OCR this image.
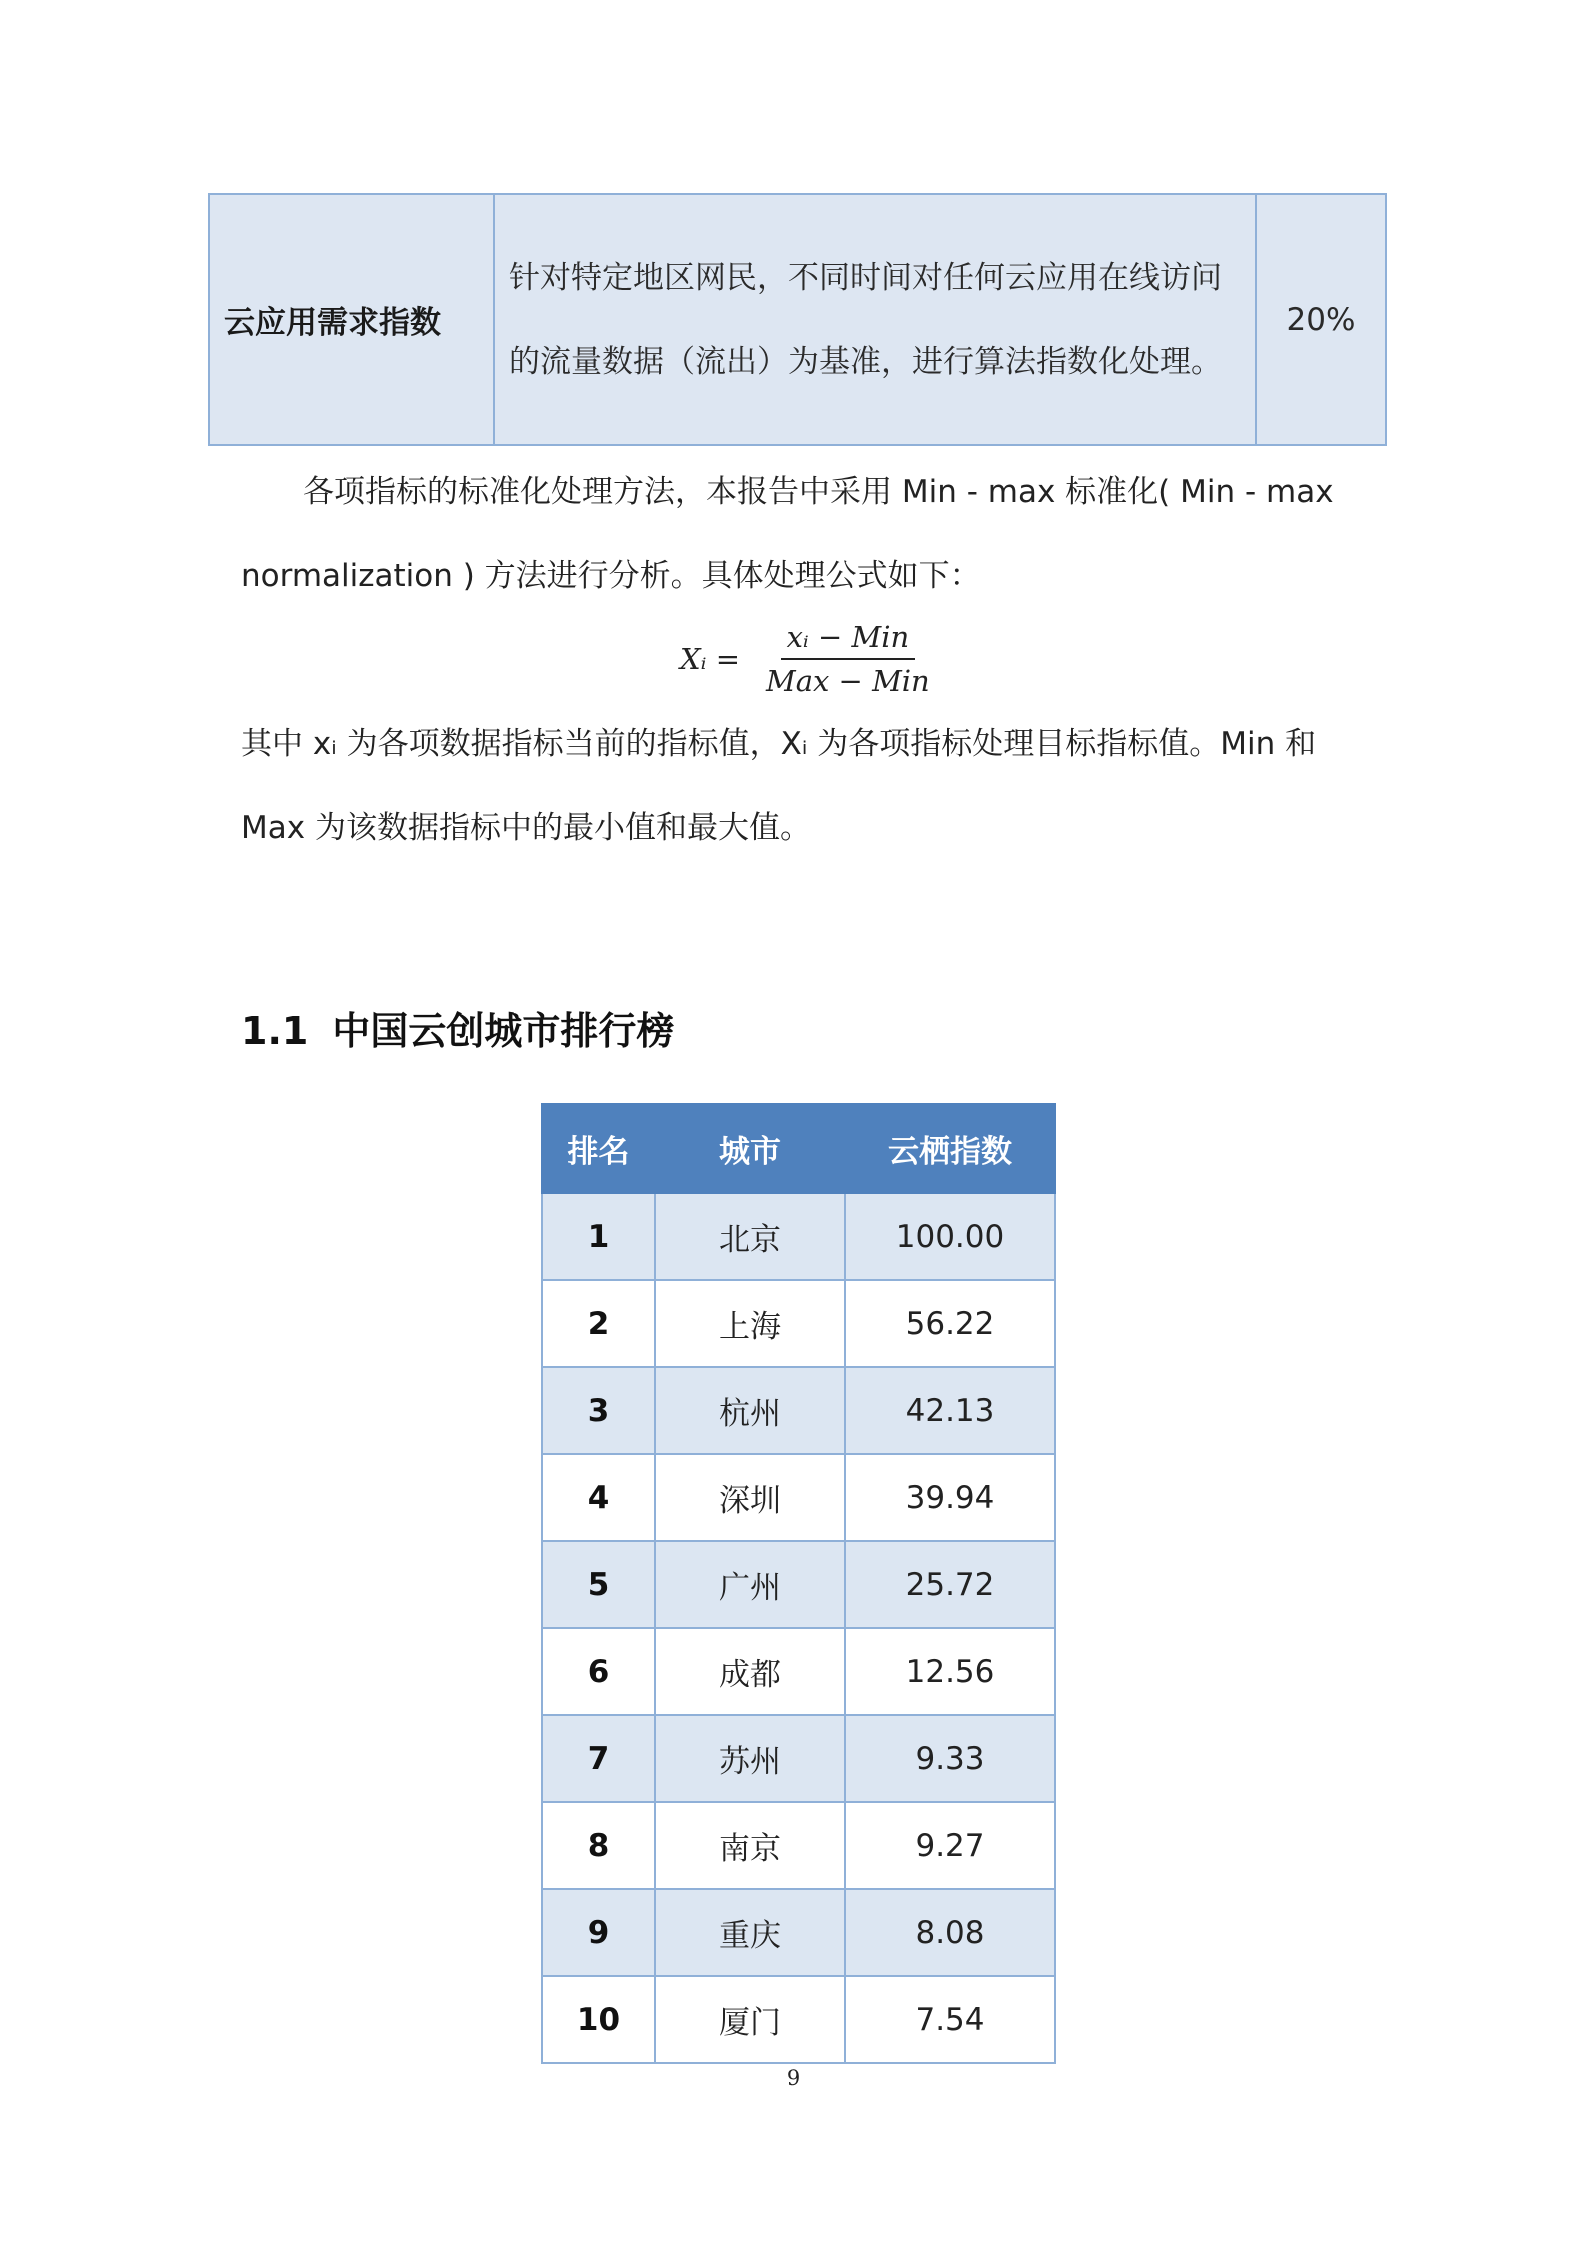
云应用需求指数	针对特定地区网民，不同时间对任何云应用在线访问的流量数据（流出）为基准，进行算法指数化处理。	20%
各项指标的标准化处理方法，本报告中采用 Min - max 标准化( Min - max
normalization ) 方法进行分析。具体处理公式如下：
Xᵢ = $\frac{\text{xᵢ − Min}}{\text{Max − Min}}$
其中 xᵢ 为各项数据指标当前的指标值，Xᵢ 为各项指标处理目标指标值。Min 和
Max 为该数据指标中的最小值和最大值。
1.1 中国云创城市排行榜
排名	城市	云栖指数
1	北京	100.00
2	上海	56.22
3	杭州	42.13
4	深圳	39.94
5	广州	25.72
6	成都	12.56
7	苏州	9.33
8	南京	9.27
9	重庆	8.08
10	厦门	7.54
9
